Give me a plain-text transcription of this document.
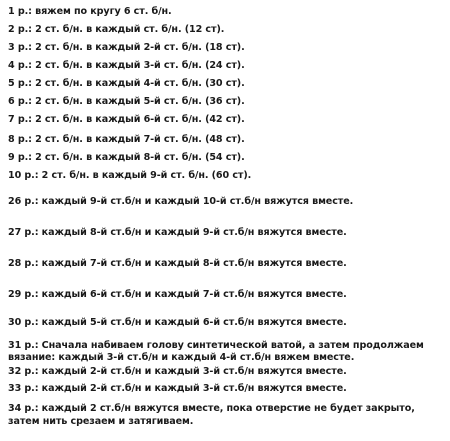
1 р.: вяжем по кругу 6 ст. б/н.
2 р.: 2 ст. б/н. в каждый ст. б/н. (12 ст).
3 р.: 2 ст. б/н. в каждый 2-й ст. б/н. (18 ст).
4 р.: 2 ст. б/н. в каждый 3-й ст. б/н. (24 ст).
5 р.: 2 ст. б/н. в каждый 4-й ст. б/н. (30 ст).
6 р.: 2 ст. б/н. в каждый 5-й ст. б/н. (36 ст).
7 р.: 2 ст. б/н. в каждый 6-й ст. б/н. (42 ст).
8 р.: 2 ст. б/н. в каждый 7-й ст. б/н. (48 ст).
9 р.: 2 ст. б/н. в каждый 8-й ст. б/н. (54 ст).
10 р.: 2 ст. б/н. в каждый 9-й ст. б/н. (60 ст).
26 р.: каждый 9-й ст.б/н и каждый 10-й ст.б/н вяжутся вместе.
27 р.: каждый 8-й ст.б/н и каждый 9-й ст.б/н вяжутся вместе.
28 р.: каждый 7-й ст.б/н и каждый 8-й ст.б/н вяжутся вместе.
29 р.: каждый 6-й ст.б/н и каждый 7-й ст.б/н вяжутся вместе.
30 р.: каждый 5-й ст.б/н и каждый 6-й ст.б/н вяжутся вместе.
31 р.: Сначала набиваем голову синтетической ватой, а затем продолжаем
вязание: каждый 3-й ст.б/н и каждый 4-й ст.б/н вяжем вместе.
32 р.: каждый 2-й ст.б/н и каждый 3-й ст.б/н вяжутся вместе.
33 р.: каждый 2-й ст.б/н и каждый 3-й ст.б/н вяжутся вместе.
34 р.: каждый 2 ст.б/н вяжутся вместе, пока отверстие не будет закрыто,
затем нить срезаем и затягиваем.
